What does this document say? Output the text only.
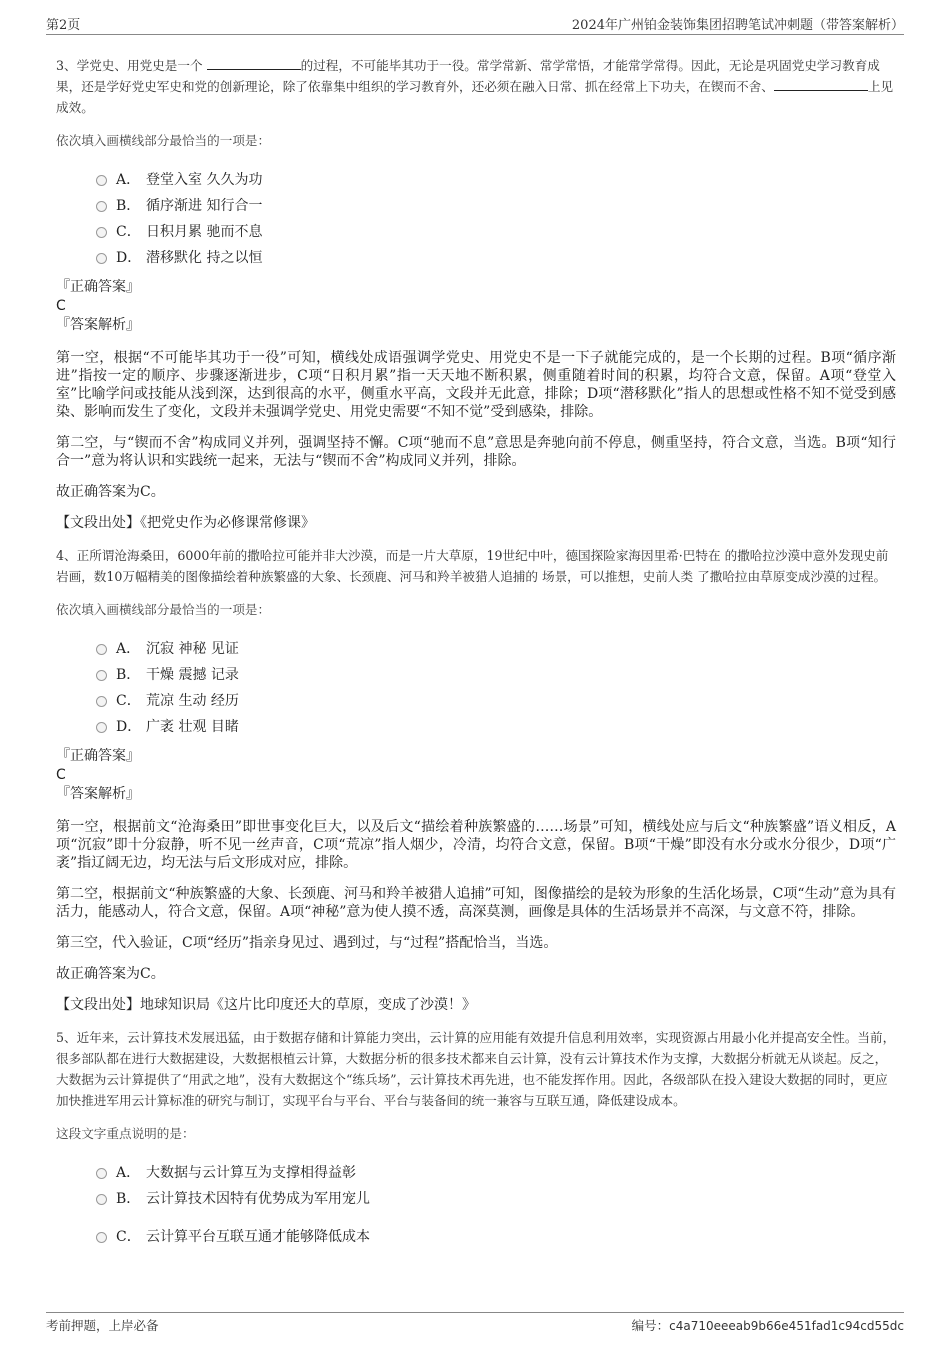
第2页	2024年广州铂金装饰集团招聘笔试冲刺题（带答案解析）

3、学党史、用党史是一个	的过程，不可能毕其功于一役。常学常新、常学常悟，才能常学常得。因此，无论是巩固党史学习教育成果，还是学好党史军史和党的创新理论，除了依靠集中组织的学习教育外，还必须在融入日常、抓在经常上下功夫，在锲而不舍、	上见成效。

依次填入画横线部分最恰当的一项是：
A． 登堂入室 久久为功
B． 循序渐进 知行合一
C． 日积月累 驰而不息
D． 潜移默化 持之以恒
『正确答案』
C
『答案解析』

第一空，根据“不可能毕其功于一役”可知，横线处成语强调学党史、用党史不是一下子就能完成的，是一个长期的过程。B项“循序渐进”指按一定的顺序、步骤逐渐进步，C项“日积月累”指一天天地不断积累，侧重随着时间的积累，均符合文意，保留。A项“登堂入室”比喻学问或技能从浅到深，达到很高的水平，侧重水平高，文段并无此意，排除；D项“潜移默化”指人的思想或性格不知不觉受到感染、影响而发生了变化，文段并未强调学党史、用党史需要“不知不觉”受到感染，排除。

第二空，与“锲而不舍”构成同义并列，强调坚持不懈。C项“驰而不息”意思是奔驰向前不停息，侧重坚持，符合文意，当选。B项“知行合一”意为将认识和实践统一起来，无法与“锲而不舍”构成同义并列，排除。

故正确答案为C。

【文段出处】《把党史作为必修课常修课》

4、正所谓沧海桑田，6000年前的撒哈拉可能并非大沙漠，而是一片大草原，19世纪中叶，德国探险家海因里希·巴特在 的撒哈拉沙漠中意外发现史前岩画，数10万幅精美的图像描绘着种族繁盛的大象、长颈鹿、河马和羚羊被猎人追捕的 场景，可以推想，史前人类 了撒哈拉由草原变成沙漠的过程。

依次填入画横线部分最恰当的一项是：
A． 沉寂 神秘 见证
B． 干燥 震撼 记录
C． 荒凉 生动 经历
D． 广袤 壮观 目睹
『正确答案』
C
『答案解析』

第一空，根据前文“沧海桑田”即世事变化巨大，以及后文“描绘着种族繁盛的……场景”可知，横线处应与后文“种族繁盛”语义相反，A项“沉寂”即十分寂静，听不见一丝声音，C项“荒凉”指人烟少，冷清，均符合文意，保留。B项“干燥”即没有水分或水分很少，D项“广袤”指辽阔无边，均无法与后文形成对应，排除。

第二空，根据前文“种族繁盛的大象、长颈鹿、河马和羚羊被猎人追捕”可知，图像描绘的是较为形象的生活化场景，C项“生动”意为具有活力，能感动人，符合文意，保留。A项“神秘”意为使人摸不透，高深莫测，画像是具体的生活场景并不高深，与文意不符，排除。

第三空，代入验证，C项“经历”指亲身见过、遇到过，与“过程”搭配恰当，当选。

故正确答案为C。

【文段出处】地球知识局《这片比印度还大的草原，变成了沙漠！》

5、近年来，云计算技术发展迅猛，由于数据存储和计算能力突出，云计算的应用能有效提升信息利用效率，实现资源占用最小化并提高安全性。当前，很多部队都在进行大数据建设，大数据根植云计算，大数据分析的很多技术都来自云计算，没有云计算技术作为支撑，大数据分析就无从谈起。反之，大数据为云计算提供了“用武之地”，没有大数据这个“练兵场”，云计算技术再先进，也不能发挥作用。因此，各级部队在投入建设大数据的同时，更应加快推进军用云计算标准的研究与制订，实现平台与平台、平台与装备间的统一兼容与互联互通，降低建设成本。

这段文字重点说明的是：
A． 大数据与云计算互为支撑相得益彰
B． 云计算技术因特有优势成为军用宠儿
C． 云计算平台互联互通才能够降低成本
考前押题，上岸必备	编号：c4a710eeeab9b66e451fad1c94cd55dc
